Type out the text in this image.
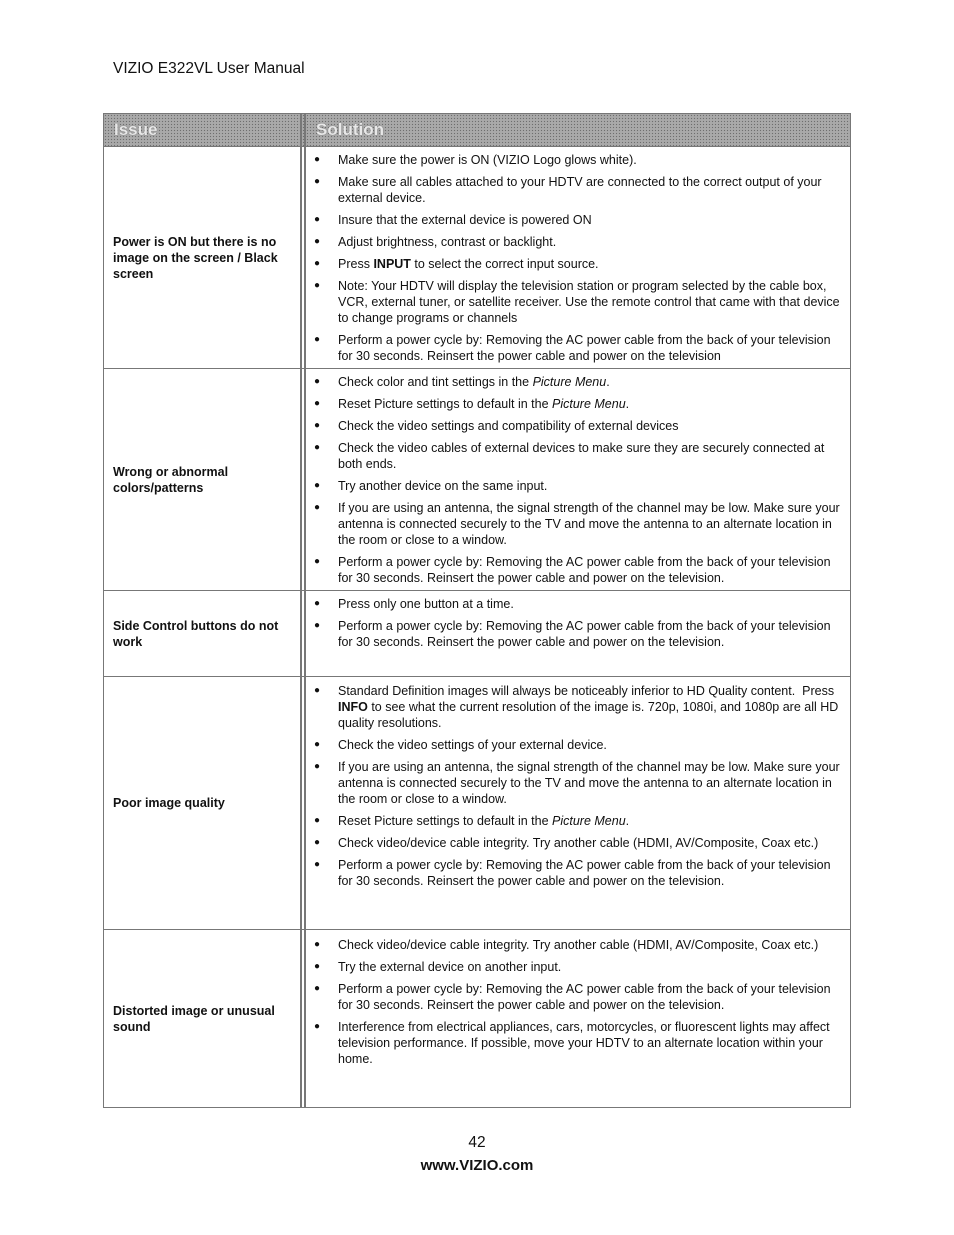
VIZIO E322VL User Manual
Issue	Solution
Power is ON but there is no image on the screen / Black screen
●	Make sure the power is ON (VIZIO Logo glows white).
●	Make sure all cables attached to your HDTV are connected to the correct output of your external device.
●	Insure that the external device is powered ON
●	Adjust brightness, contrast or backlight.
●	Press INPUT to select the correct input source.
●	Note: Your HDTV will display the television station or program selected by the cable box, VCR, external tuner, or satellite receiver. Use the remote control that came with that device to change programs or channels
●	Perform a power cycle by: Removing the AC power cable from the back of your television for 30 seconds. Reinsert the power cable and power on the television
Wrong or abnormal colors/patterns
●	Check color and tint settings in the Picture Menu.
●	Reset Picture settings to default in the Picture Menu.
●	Check the video settings and compatibility of external devices
●	Check the video cables of external devices to make sure they are securely connected at both ends.
●	Try another device on the same input.
●	If you are using an antenna, the signal strength of the channel may be low. Make sure your antenna is connected securely to the TV and move the antenna to an alternate location in the room or close to a window.
●	Perform a power cycle by: Removing the AC power cable from the back of your television for 30 seconds. Reinsert the power cable and power on the television.
Side Control buttons do not work
●	Press only one button at a time.
●	Perform a power cycle by: Removing the AC power cable from the back of your television for 30 seconds. Reinsert the power cable and power on the television.
Poor image quality
●	Standard Definition images will always be noticeably inferior to HD Quality content.  Press INFO to see what the current resolution of the image is. 720p, 1080i, and 1080p are all HD quality resolutions.
●	Check the video settings of your external device.
●	If you are using an antenna, the signal strength of the channel may be low. Make sure your antenna is connected securely to the TV and move the antenna to an alternate location in the room or close to a window.
●	Reset Picture settings to default in the Picture Menu.
●	Check video/device cable integrity. Try another cable (HDMI, AV/Composite, Coax etc.)
●	Perform a power cycle by: Removing the AC power cable from the back of your television for 30 seconds. Reinsert the power cable and power on the television.
Distorted image or unusual sound
●	Check video/device cable integrity. Try another cable (HDMI, AV/Composite, Coax etc.)
●	Try the external device on another input.
●	Perform a power cycle by: Removing the AC power cable from the back of your television for 30 seconds. Reinsert the power cable and power on the television.
●	Interference from electrical appliances, cars, motorcycles, or fluorescent lights may affect television performance. If possible, move your HDTV to an alternate location within your home.
42
www.VIZIO.com
